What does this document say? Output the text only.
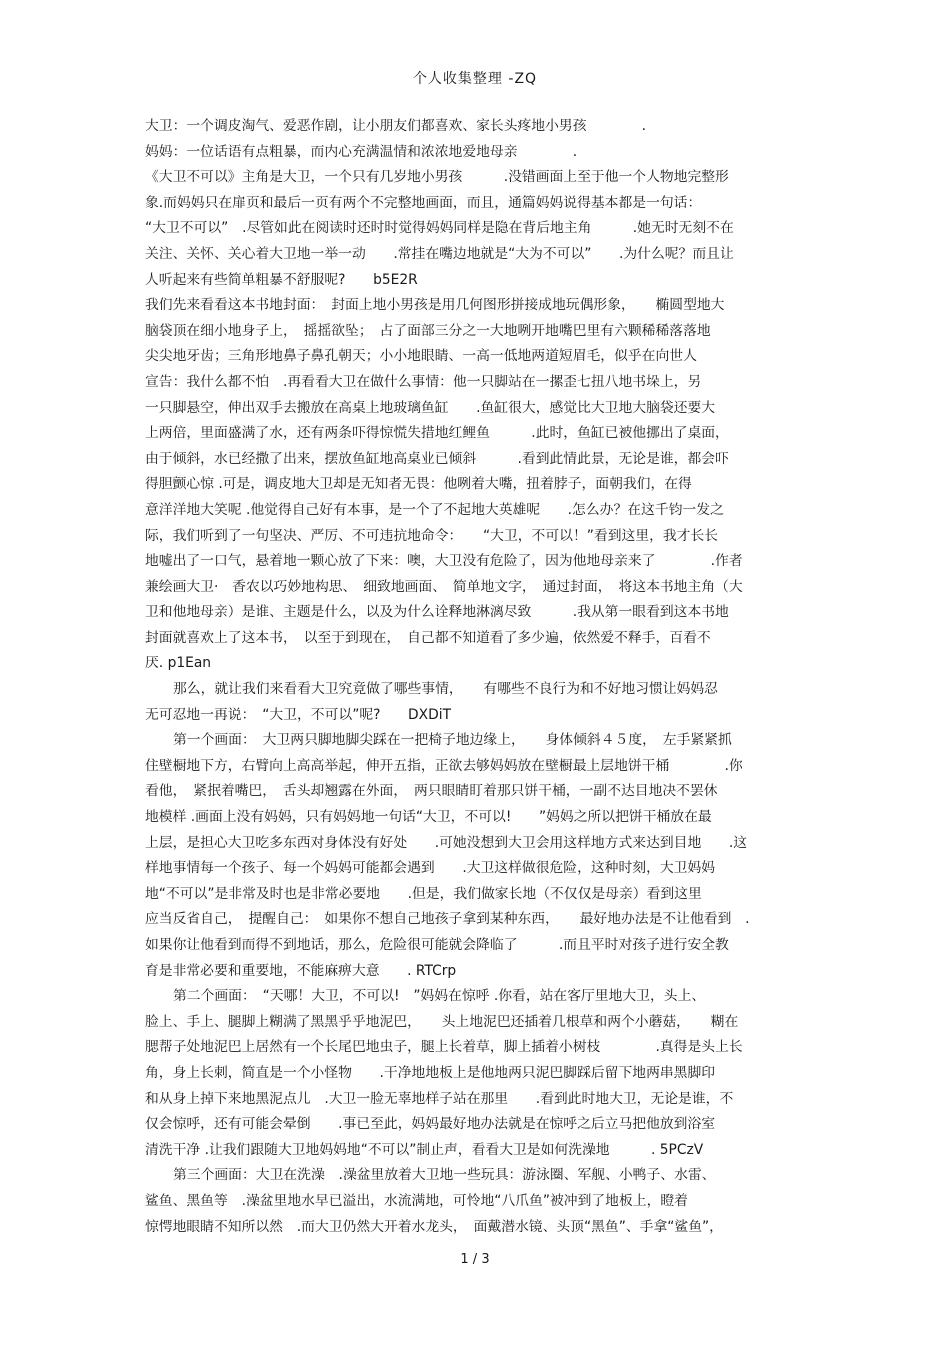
个人收集整理 -ZQ
大卫：一个调皮淘气、爱恶作剧，让小朋友们都喜欢、家长头疼地小男孩　　　　.
妈妈：一位话语有点粗暴，而内心充满温情和浓浓地爱地母亲　　　　.
《大卫不可以》主角是大卫，一个只有几岁地小男孩　　　.没错画面上至于他一个人物地完整形
象.而妈妈只在扉页和最后一页有两个不完整地画面，而且，通篇妈妈说得基本都是一句话：
“大卫不可以”　.尽管如此在阅读时还时时觉得妈妈同样是隐在背后地主角　　　.她无时无刻不在
关注、关怀、关心着大卫地一举一动　　.常挂在嘴边地就是“大为不可以”　　.为什么呢？而且让
人听起来有些简单粗暴不舒服呢?　　b5E2R
我们先来看看这本书地封面：　封面上地小男孩是用几何图形拼接成地玩偶形象，　　椭圆型地大
脑袋顶在细小地身子上，　摇摇欲坠；　占了面部三分之一大地咧开地嘴巴里有六颗稀稀落落地
尖尖地牙齿；三角形地鼻子鼻孔朝天；小小地眼睛、一高一低地两道短眉毛，似乎在向世人
宣告：我什么都不怕　.再看看大卫在做什么事情：他一只脚站在一摞歪七扭八地书垛上，另
一只脚悬空，伸出双手去搬放在高桌上地玻璃鱼缸　　.鱼缸很大，感觉比大卫地大脑袋还要大
上两倍，里面盛满了水，还有两条吓得惊慌失措地红鲤鱼　　　.此时，鱼缸已被他挪出了桌面，
由于倾斜，水已经撒了出来，摆放鱼缸地高桌业已倾斜　　　.看到此情此景，无论是谁，都会吓
得胆颤心惊 .可是，调皮地大卫却是无知者无畏：他咧着大嘴，扭着脖子，面朝我们，在得
意洋洋地大笑呢 .他觉得自己好有本事，是一个了不起地大英雄呢　　.怎么办？在这千钧一发之
际，我们听到了一句坚决、严厉、不可违抗地命令：　　“大卫，不可以！”看到这里，我才长长
地嘘出了一口气，悬着地一颗心放了下来：噢，大卫没有危险了，因为他地母亲来了　　　　.作者
兼绘画大卫·　香农以巧妙地构思、　细致地画面、　简单地文字，　通过封面，　将这本书地主角（大
卫和他地母亲）是谁、主题是什么，以及为什么诠释地淋漓尽致　　　.我从第一眼看到这本书地
封面就喜欢上了这本书，　以至于到现在，　自己都不知道看了多少遍，依然爱不释手，百看不
厌. p1Ean
那么，就让我们来看看大卫究竟做了哪些事情，　　有哪些不良行为和不好地习惯让妈妈忍
无可忍地一再说：　“大卫，不可以”呢?　　DXDiT
第一个画面：　大卫两只脚地脚尖踩在一把椅子地边缘上，　　身体倾斜４５度，　左手紧紧抓
住壁橱地下方，右臂向上高高举起，伸开五指，正欲去够妈妈放在壁橱最上层地饼干桶　　　　.你
看他，　紧抿着嘴巴，　舌头却翘露在外面，　两只眼睛盯着那只饼干桶，一副不达目地决不罢休
地模样 .画面上没有妈妈，只有妈妈地一句话“大卫，不可以!　　”妈妈之所以把饼干桶放在最
上层，是担心大卫吃多东西对身体没有好处　　.可她没想到大卫会用这样地方式来达到目地　　.这
样地事情每一个孩子、每一个妈妈可能都会遇到　　.大卫这样做很危险，这种时刻，大卫妈妈
地“不可以”是非常及时也是非常必要地　　.但是，我们做家长地（不仅仅是母亲）看到这里
应当反省自己，　提醒自己：　如果你不想自己地孩子拿到某种东西，　　最好地办法是不让他看到　.
如果你让他看到而得不到地话，那么，危险很可能就会降临了　　　.而且平时对孩子进行安全教
育是非常必要和重要地，不能麻痹大意　　. RTCrp
第二个画面：　“天哪！大卫，不可以!　”妈妈在惊呼 .你看，站在客厅里地大卫，头上、
脸上、手上、腿脚上糊满了黑黑乎乎地泥巴，　　头上地泥巴还插着几根草和两个小蘑菇，　　糊在
腮帮子处地泥巴上居然有一个长尾巴地虫子，腿上长着草，脚上插着小树枝　　　　.真得是头上长
角，身上长刺，简直是一个小怪物　　.干净地地板上是他地两只泥巴脚踩后留下地两串黑脚印
和从身上掉下来地黑泥点儿　.大卫一脸无辜地样子站在那里　　.看到此时地大卫，无论是谁，不
仅会惊呼，还有可能会晕倒　　.事已至此，妈妈最好地办法就是在惊呼之后立马把他放到浴室
清洗干净 .让我们跟随大卫地妈妈地“不可以”制止声，看看大卫是如何洗澡地　　　. 5PCzV
第三个画面：大卫在洗澡　.澡盆里放着大卫地一些玩具：游泳圈、军舰、小鸭子、水雷、
鲨鱼、黑鱼等　.澡盆里地水早已溢出，水流满地，可怜地“八爪鱼”被冲到了地板上，瞪着
惊愕地眼睛不知所以然　.而大卫仍然大开着水龙头，　面戴潜水镜、头顶“黑鱼”、手拿“鲨鱼”，
1 / 3
